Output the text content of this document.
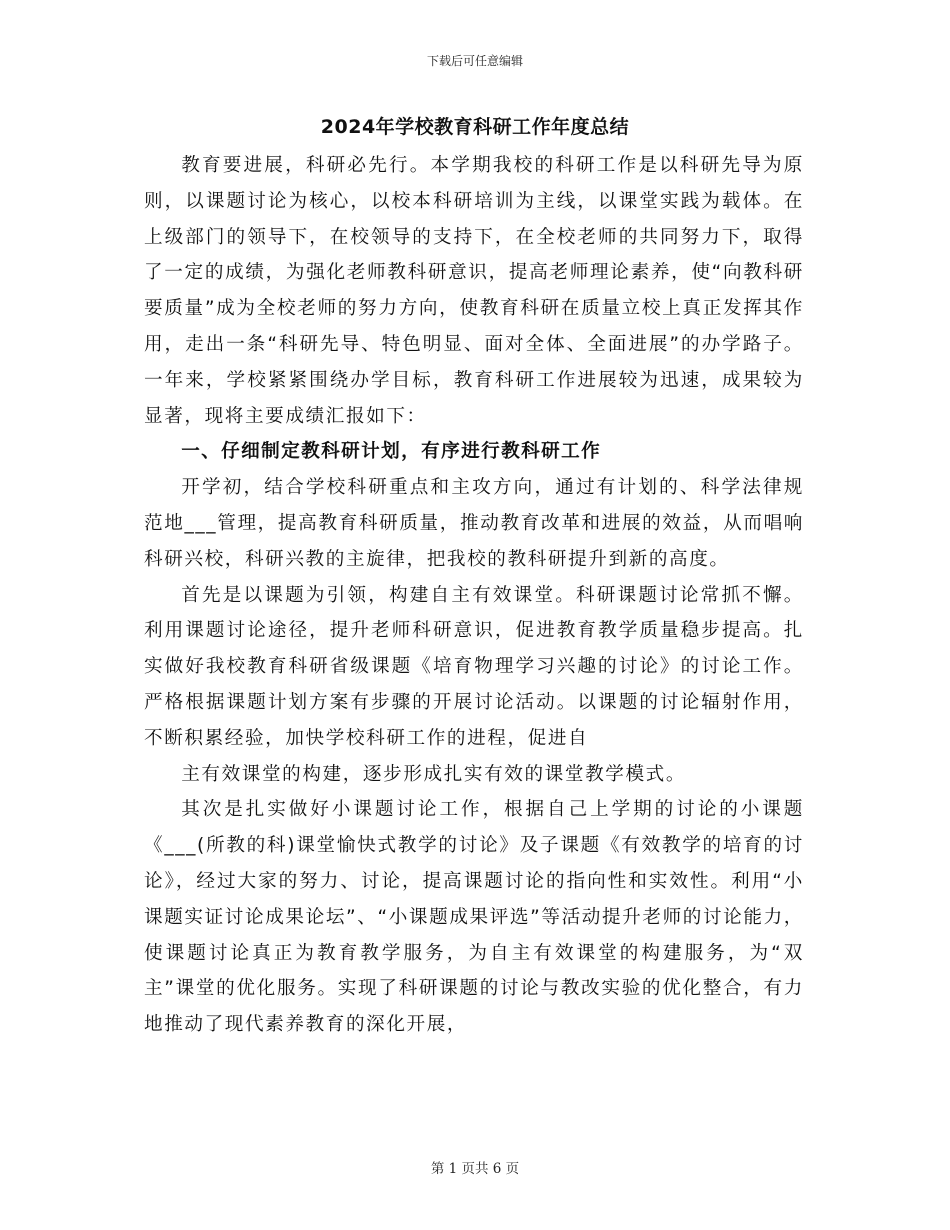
下载后可任意编辑
2024年学校教育科研工作年度总结

教育要进展，科研必先行。本学期我校的科研工作是以科研先导为原则，以课题讨论为核心，以校本科研培训为主线，以课堂实践为载体。在上级部门的领导下，在校领导的支持下，在全校老师的共同努力下，取得了一定的成绩，为强化老师教科研意识，提高老师理论素养，使“向教科研要质量”成为全校老师的努力方向，使教育科研在质量立校上真正发挥其作用，走出一条“科研先导、特色明显、面对全体、全面进展”的办学路子。一年来，学校紧紧围绕办学目标，教育科研工作进展较为迅速，成果较为显著，现将主要成绩汇报如下：

一、仔细制定教科研计划，有序进行教科研工作

开学初，结合学校科研重点和主攻方向，通过有计划的、科学法律规范地___管理，提高教育科研质量，推动教育改革和进展的效益，从而唱响科研兴校，科研兴教的主旋律，把我校的教科研提升到新的高度。

首先是以课题为引领，构建自主有效课堂。科研课题讨论常抓不懈。利用课题讨论途径，提升老师科研意识，促进教育教学质量稳步提高。扎实做好我校教育科研省级课题《培育物理学习兴趣的讨论》的讨论工作。严格根据课题计划方案有步骤的开展讨论活动。以课题的讨论辐射作用，不断积累经验，加快学校科研工作的进程，促进自

主有效课堂的构建，逐步形成扎实有效的课堂教学模式。

其次是扎实做好小课题讨论工作，根据自己上学期的讨论的小课题《___(所教的科)课堂愉快式教学的讨论》及子课题《有效教学的培育的讨论》，经过大家的努力、讨论，提高课题讨论的指向性和实效性。利用“小课题实证讨论成果论坛”、“小课题成果评选”等活动提升老师的讨论能力，使课题讨论真正为教育教学服务，为自主有效课堂的构建服务，为“双主”课堂的优化服务。实现了科研课题的讨论与教改实验的优化整合，有力地推动了现代素养教育的深化开展，

第 1 页共 6 页
